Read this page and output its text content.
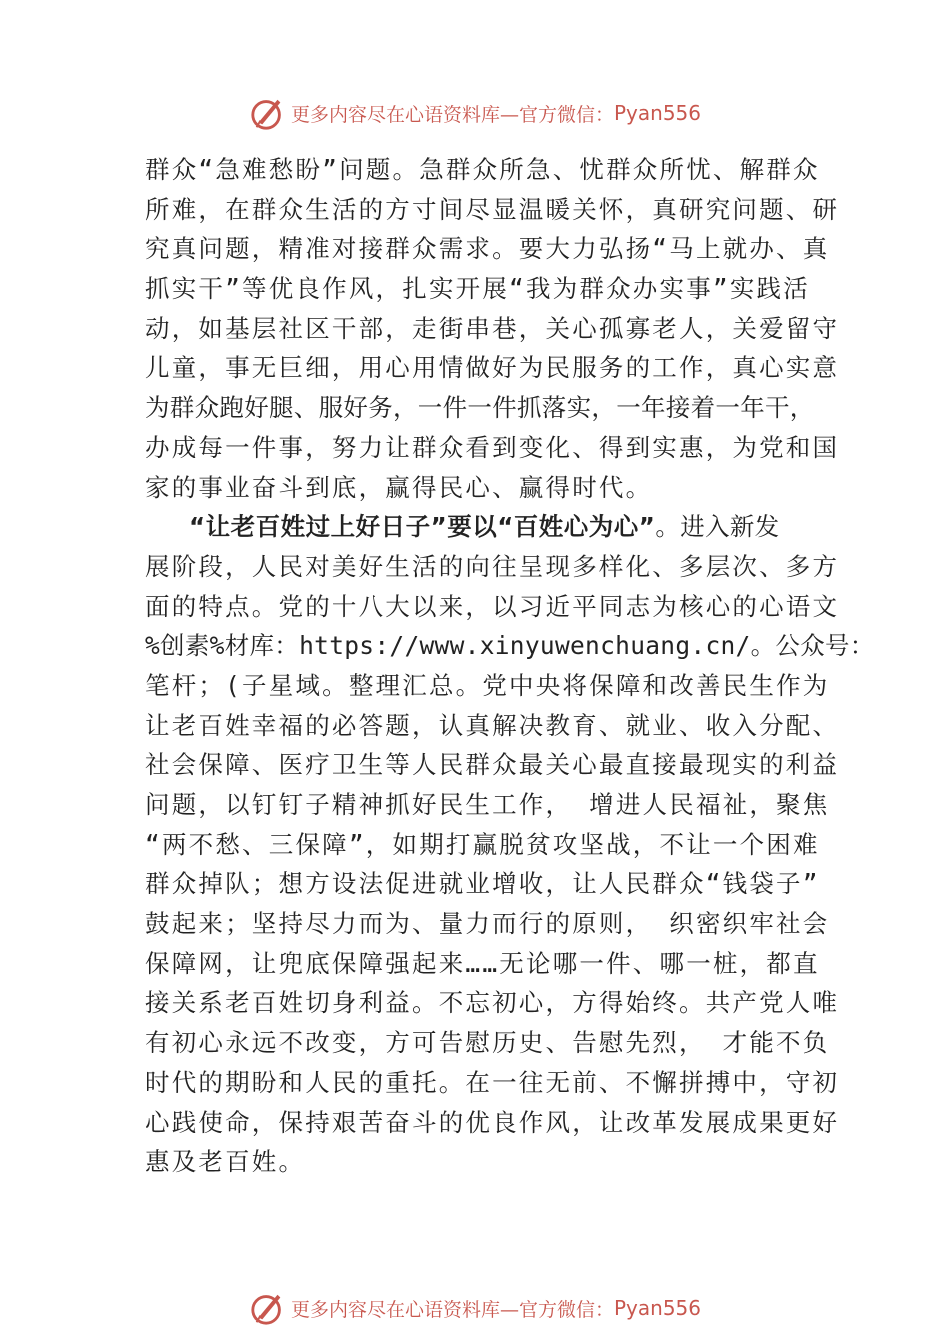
更多内容尽在心语资料库—官方微信： Pyan556
群众“急难愁盼”问题。急群众所急、忧群众所忧、解群众
所难，在群众生活的方寸间尽显温暖关怀，真研究问题、研
究真问题，精准对接群众需求。要大力弘扬“马上就办、真
抓实干”等优良作风，扎实开展“我为群众办实事”实践活
动，如基层社区干部，走街串巷，关心孤寡老人，关爱留守
儿童，事无巨细，用心用情做好为民服务的工作，真心实意
为群众跑好腿、服好务，一件一件抓落实，一年接着一年干，
办成每一件事，努力让群众看到变化、得到实惠，为党和国
家的事业奋斗到底，赢得民心、赢得时代。
“让老百姓过上好日子”要以“百姓心为心”。进入新发
展阶段，人民对美好生活的向往呈现多样化、多层次、多方
面的特点。党的十八大以来，以习近平同志为核心的心语文
%创素%材库：https://www.xinyuwenchuang.cn/。公众号：
笔杆；(子星域。整理汇总。党中央将保障和改善民生作为
让老百姓幸福的必答题，认真解决教育、就业、收入分配、
社会保障、医疗卫生等人民群众最关心最直接最现实的利益
问题，以钉钉子精神抓好民生工作， 增进人民福祉，聚焦
“两不愁、三保障”，如期打赢脱贫攻坚战，不让一个困难
群众掉队；想方设法促进就业增收，让人民群众“钱袋子”
鼓起来；坚持尽力而为、量力而行的原则， 织密织牢社会
保障网，让兜底保障强起来……无论哪一件、哪一桩，都直
接关系老百姓切身利益。不忘初心，方得始终。共产党人唯
有初心永远不改变，方可告慰历史、告慰先烈， 才能不负
时代的期盼和人民的重托。在一往无前、不懈拼搏中，守初
心践使命，保持艰苦奋斗的优良作风，让改革发展成果更好
惠及老百姓。
更多内容尽在心语资料库—官方微信： Pyan556
